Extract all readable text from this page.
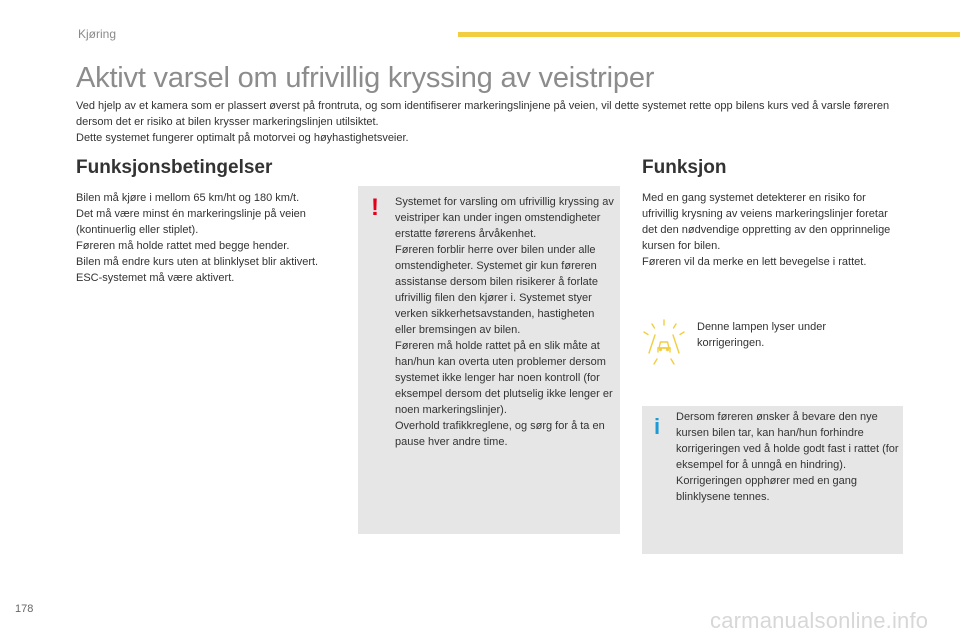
Kjøring
Aktivt varsel om ufrivillig kryssing av veistriper

Ved hjelp av et kamera som er plassert øverst på frontruta, og som identifiserer markeringslinjene på veien, vil dette systemet rette opp bilens kurs ved å varsle føreren dersom det er risiko at bilen krysser markeringslinjen utilsiktet.

Dette systemet fungerer optimalt på motorvei og høyhastighetsveier.

Funksjonsbetingelser

Bilen må kjøre i mellom 65 km/ht og 180 km/t.

Det må være minst én markeringslinje på veien (kontinuerlig eller stiplet).

Føreren må holde rattet med begge hender.

Bilen må endre kurs uten at blinklyset blir aktivert.

ESC-systemet må være aktivert.

! Systemet for varsling om ufrivillig kryssing av veistriper kan under ingen omstendigheter erstatte førerens årvåkenhet.

Føreren forblir herre over bilen under alle omstendigheter. Systemet gir kun føreren assistanse dersom bilen risikerer å forlate ufrivillig filen den kjører i. Systemet styer verken sikkerhetsavstanden, hastigheten eller bremsingen av bilen.

Føreren må holde rattet på en slik måte at han/hun kan overta uten problemer dersom systemet ikke lenger har noen kontroll (for eksempel dersom det plutselig ikke lenger er noen markeringslinjer).

Overhold trafikkreglene, og sørg for å ta en pause hver andre time.

Funksjon

Med en gang systemet detekterer en risiko for ufrivillig krysning av veiens markeringslinjer foretar det den nødvendige oppretting av den opprinnelige kursen for bilen.

Føreren vil da merke en lett bevegelse i rattet.

Denne lampen lyser under korrigeringen.

i Dersom føreren ønsker å bevare den nye kursen bilen tar, kan han/hun forhindre korrigeringen ved å holde godt fast i rattet (for eksempel for å unngå en hindring).

Korrigeringen opphører med en gang blinklysene tennes.

178	carmanualsonline.info
